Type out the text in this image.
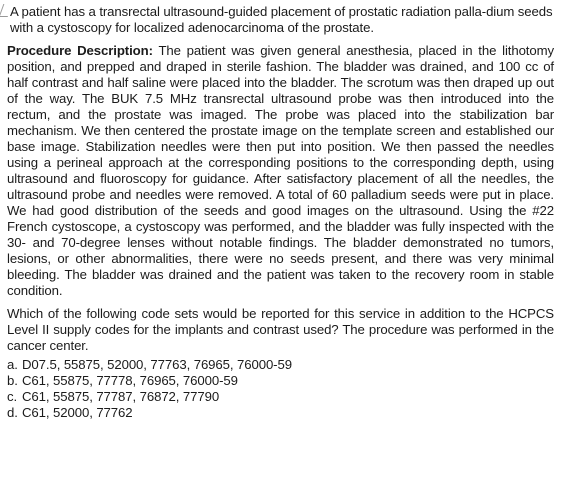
A patient has a transrectal ultrasound-guided placement of prostatic radiation palla-dium seeds with a cystoscopy for localized adenocarcinoma of the prostate.

Procedure Description: The patient was given general anesthesia, placed in the lithotomy position, and prepped and draped in sterile fashion. The bladder was drained, and 100 cc of half contrast and half saline were placed into the bladder. The scrotum was then draped up out of the way. The BUK 7.5 MHz transrectal ultrasound probe was then introduced into the rectum, and the prostate was imaged. The probe was placed into the stabilization bar mechanism. We then centered the prostate image on the template screen and established our base image. Stabilization needles were then put into position. We then passed the needles using a perineal approach at the corresponding positions to the corresponding depth, using ultrasound and fluoroscopy for guidance. After satisfactory placement of all the needles, the ultrasound probe and needles were removed. A total of 60 palladium seeds were put in place. We had good distribution of the seeds and good images on the ultrasound. Using the #22 French cystoscope, a cystoscopy was performed, and the bladder was fully inspected with the 30- and 70-degree lenses without notable findings. The bladder demonstrated no tumors, lesions, or other abnormalities, there were no seeds present, and there was very minimal bleeding. The bladder was drained and the patient was taken to the recovery room in stable condition.

Which of the following code sets would be reported for this service in addition to the HCPCS Level II supply codes for the implants and contrast used? The procedure was performed in the cancer center.

a. D07.5, 55875, 52000, 77763, 76965, 76000-59
b. C61, 55875, 77778, 76965, 76000-59
c. C61, 55875, 77787, 76872, 77790
d. C61, 52000, 77762
